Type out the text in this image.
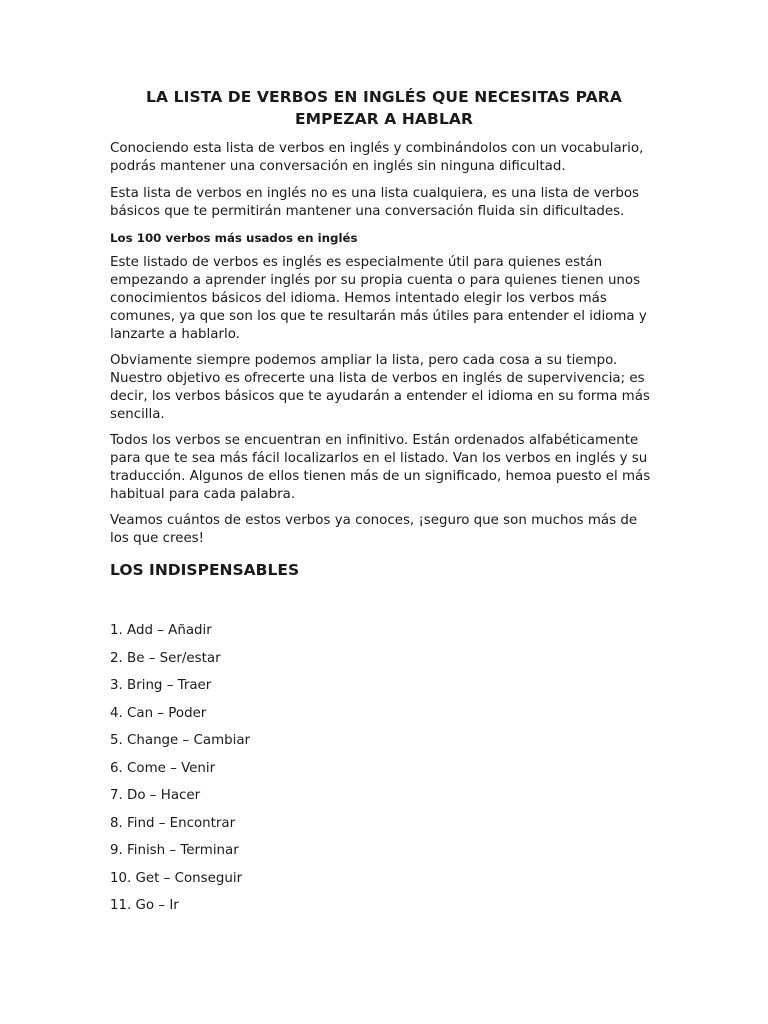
LA LISTA DE VERBOS EN INGLÉS QUE NECESITAS PARA EMPEZAR A HABLAR

Conociendo esta lista de verbos en inglés y combinándolos con un vocabulario, podrás mantener una conversación en inglés sin ninguna dificultad.

Esta lista de verbos en inglés no es una lista cualquiera, es una lista de verbos básicos que te permitirán mantener una conversación fluida sin dificultades.

Los 100 verbos más usados en inglés

Este listado de verbos es inglés es especialmente útil para quienes están empezando a aprender inglés por su propia cuenta o para quienes tienen unos conocimientos básicos del idioma. Hemos intentado elegir los verbos más comunes, ya que son los que te resultarán más útiles para entender el idioma y lanzarte a hablarlo.

Obviamente siempre podemos ampliar la lista, pero cada cosa a su tiempo. Nuestro objetivo es ofrecerte una lista de verbos en inglés de supervivencia; es decir, los verbos básicos que te ayudarán a entender el idioma en su forma más sencilla.

Todos los verbos se encuentran en infinitivo. Están ordenados alfabéticamente para que te sea más fácil localizarlos en el listado. Van los verbos en inglés y su traducción. Algunos de ellos tienen más de un significado, hemoa puesto el más habitual para cada palabra.

Veamos cuántos de estos verbos ya conoces, ¡seguro que son muchos más de los que crees!

LOS INDISPENSABLES
1. Add – Añadir
2. Be – Ser/estar
3. Bring – Traer
4. Can – Poder
5. Change – Cambiar
6. Come – Venir
7. Do – Hacer
8. Find – Encontrar
9. Finish – Terminar
10. Get – Conseguir
11. Go – Ir
